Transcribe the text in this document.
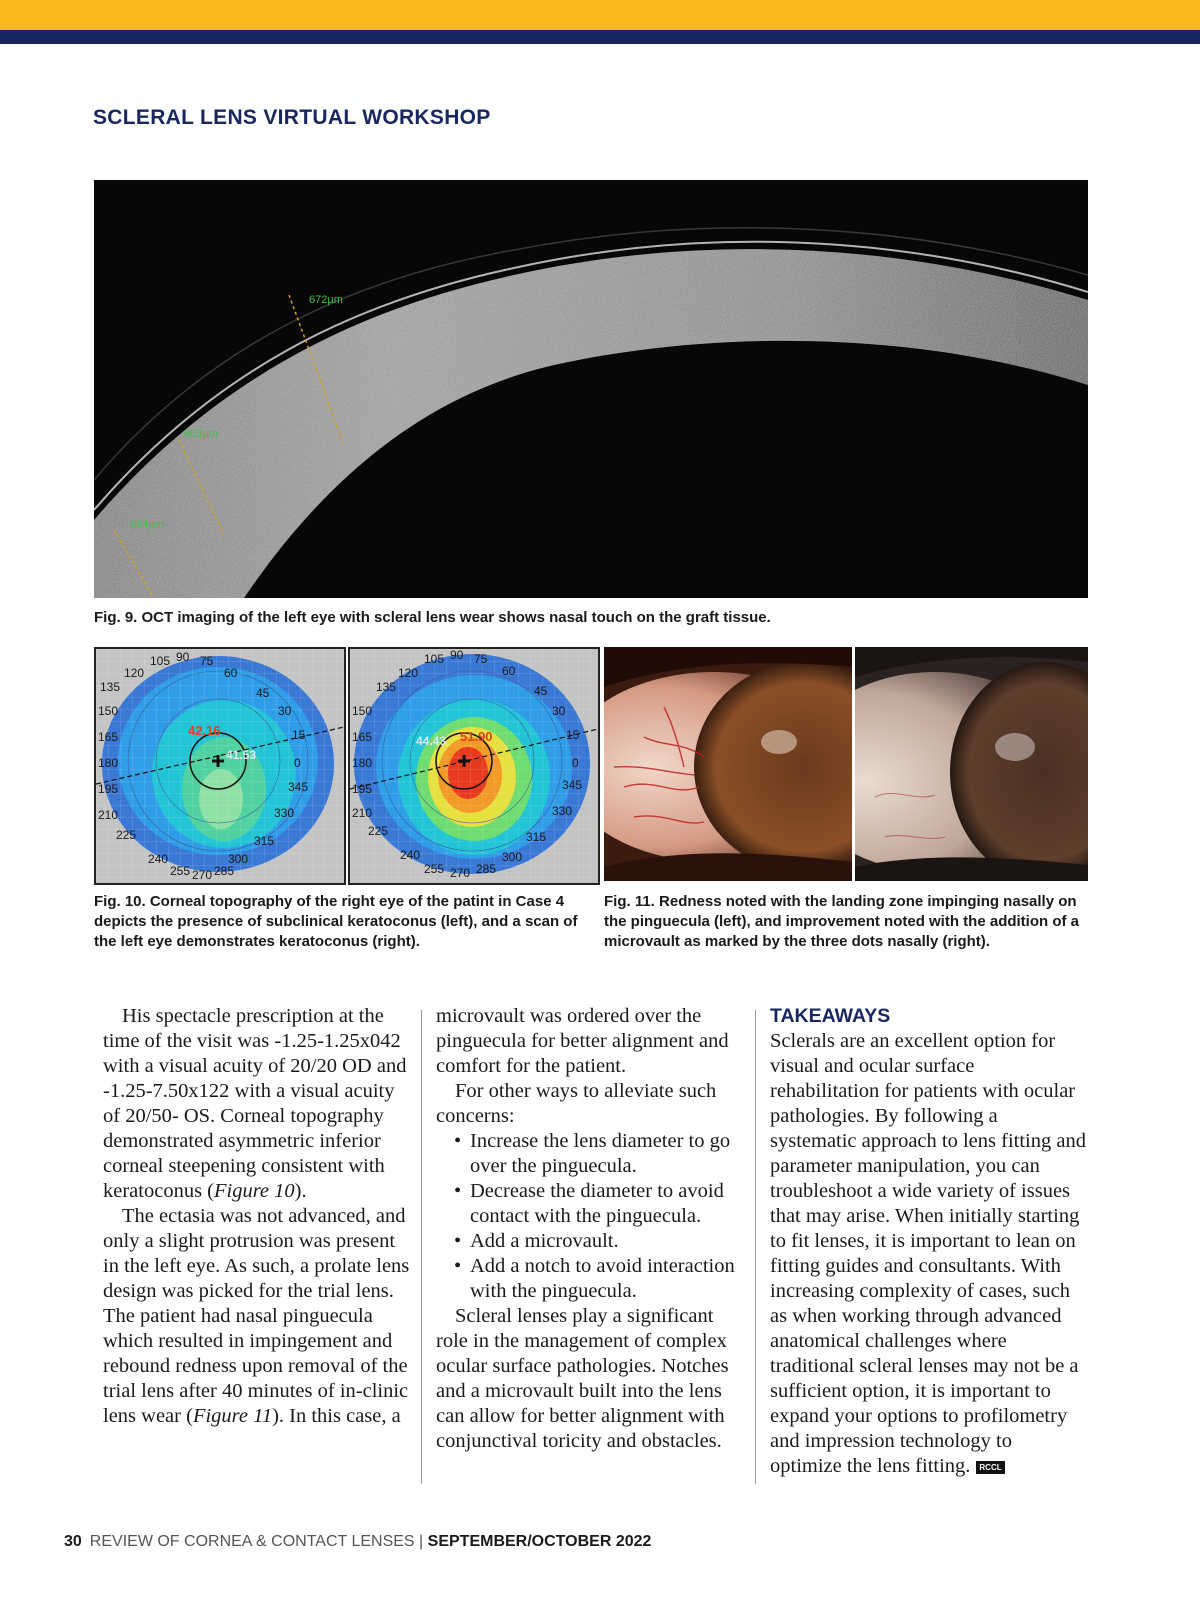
SCLERAL LENS VIRTUAL WORKSHOP
672µm
603µm
604µm

Fig. 9. OCT imaging of the left eye with scleral lens wear shows nasal touch on the graft tissue.

42.16
41.53
120
105 90 75
60
135	45
150	30
165	15
180	0
195	345
210	330
225	315
240	300
255 270 285
44.43 51.90
120
105 90 75
60
135	45
150	30
165	15
180	0
195	345
210	330
225	315
240	300
255 270 285

Fig. 10. Corneal topography of the right eye of the patint in Case 4 depicts the presence of subclinical keratoconus (left), and a scan of the left eye demonstrates keratoconus (right).

Fig. 11. Redness noted with the landing zone impinging nasally on the pinguecula (left), and improvement noted with the addition of a microvault as marked by the three dots nasally (right).

His spectacle prescription at the time of the visit was -1.25-1.25x042 with a visual acuity of 20/20 OD and -1.25-7.50x122 with a visual acuity of 20/50- OS. Corneal topography demonstrated asymmetric inferior corneal steepening consistent with keratoconus (Figure 10).

The ectasia was not advanced, and only a slight protrusion was present in the left eye. As such, a prolate lens design was picked for the trial lens. The patient had nasal pinguecula which resulted in impingement and rebound redness upon removal of the trial lens after 40 minutes of in-clinic lens wear (Figure 11). In this case, a

microvault was ordered over the pinguecula for better alignment and comfort for the patient.

For other ways to alleviate such concerns:

• Increase the lens diameter to go over the pinguecula.
• Decrease the diameter to avoid contact with the pinguecula.
• Add a microvault.
• Add a notch to avoid interaction with the pinguecula.

Scleral lenses play a significant role in the management of complex ocular surface pathologies. Notches and a microvault built into the lens can allow for better alignment with conjunctival toricity and obstacles.

TAKEAWAYS

Sclerals are an excellent option for visual and ocular surface rehabilitation for patients with ocular pathologies. By following a systematic approach to lens fitting and parameter manipulation, you can troubleshoot a wide variety of issues that may arise. When initially starting to fit lenses, it is important to lean on fitting guides and consultants. With increasing complexity of cases, such as when working through advanced anatomical challenges where traditional scleral lenses may not be a sufficient option, it is important to expand your options to profilometry and impression technology to optimize the lens fitting. RCCL

30 REVIEW OF CORNEA & CONTACT LENSES | SEPTEMBER/OCTOBER 2022
